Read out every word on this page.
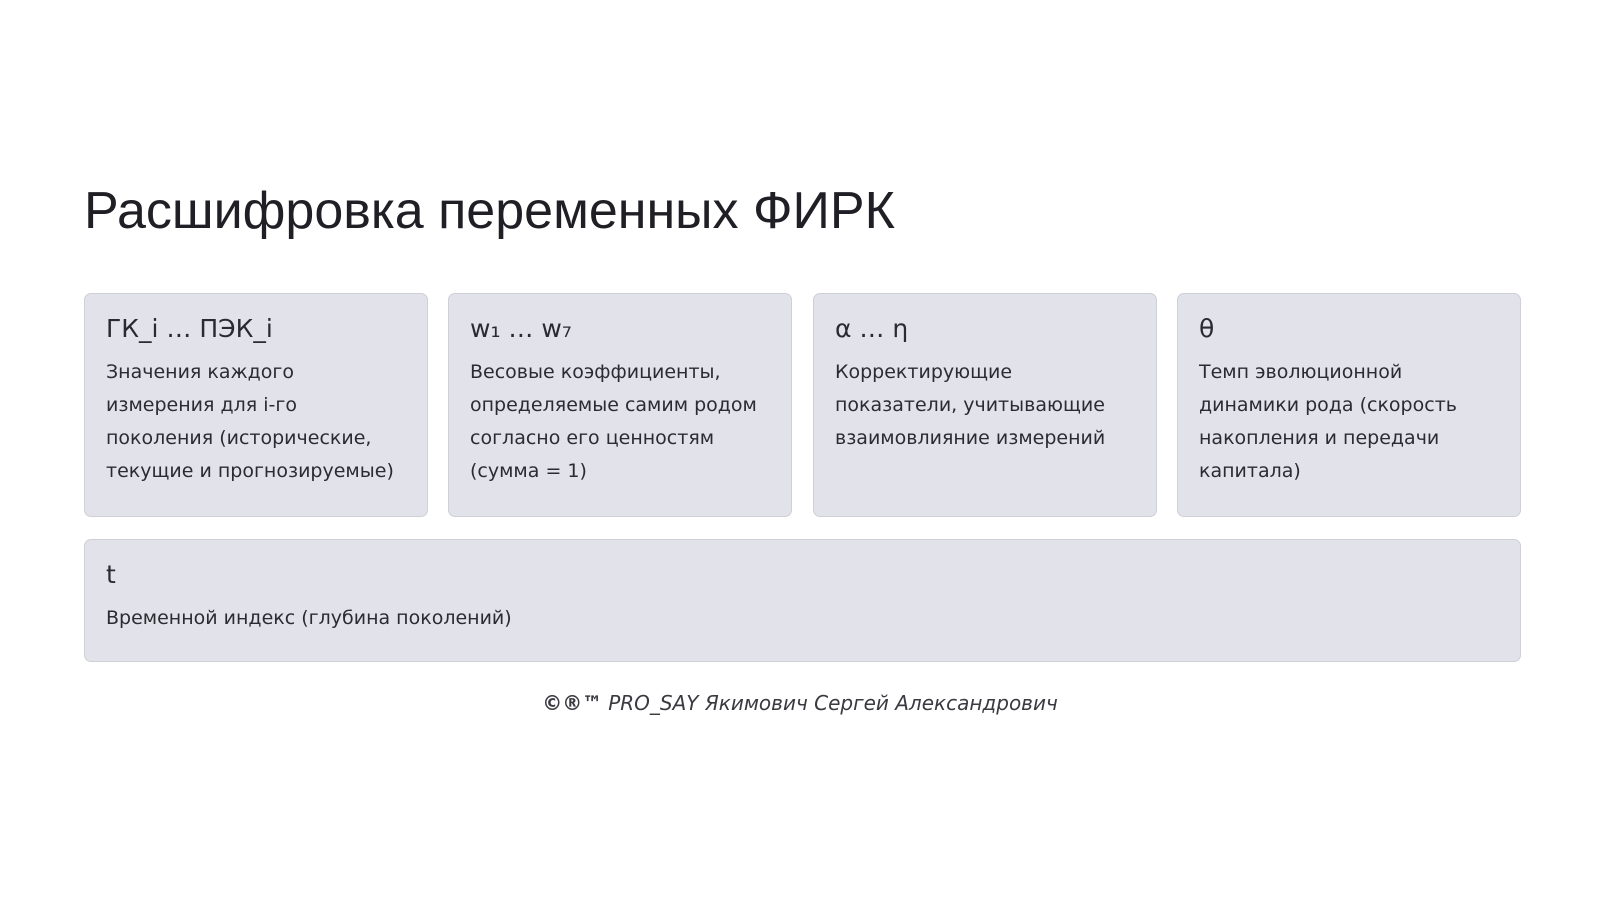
Расшифровка переменных ФИРК
ГК_i … ПЭК_i

Значения каждого измерения для i-го поколения (исторические, текущие и прогнозируемые)

w₁ … w₇

Весовые коэффициенты, определяемые самим родом согласно его ценностям (сумма = 1)

α … η

Корректирующие показатели, учитывающие взаимовлияние измерений

θ

Темп эволюционной динамики рода (скорость накопления и передачи капитала)

t

Временной индекс (глубина поколений)

©®™ PRO_SAY Якимович Сергей Александрович
